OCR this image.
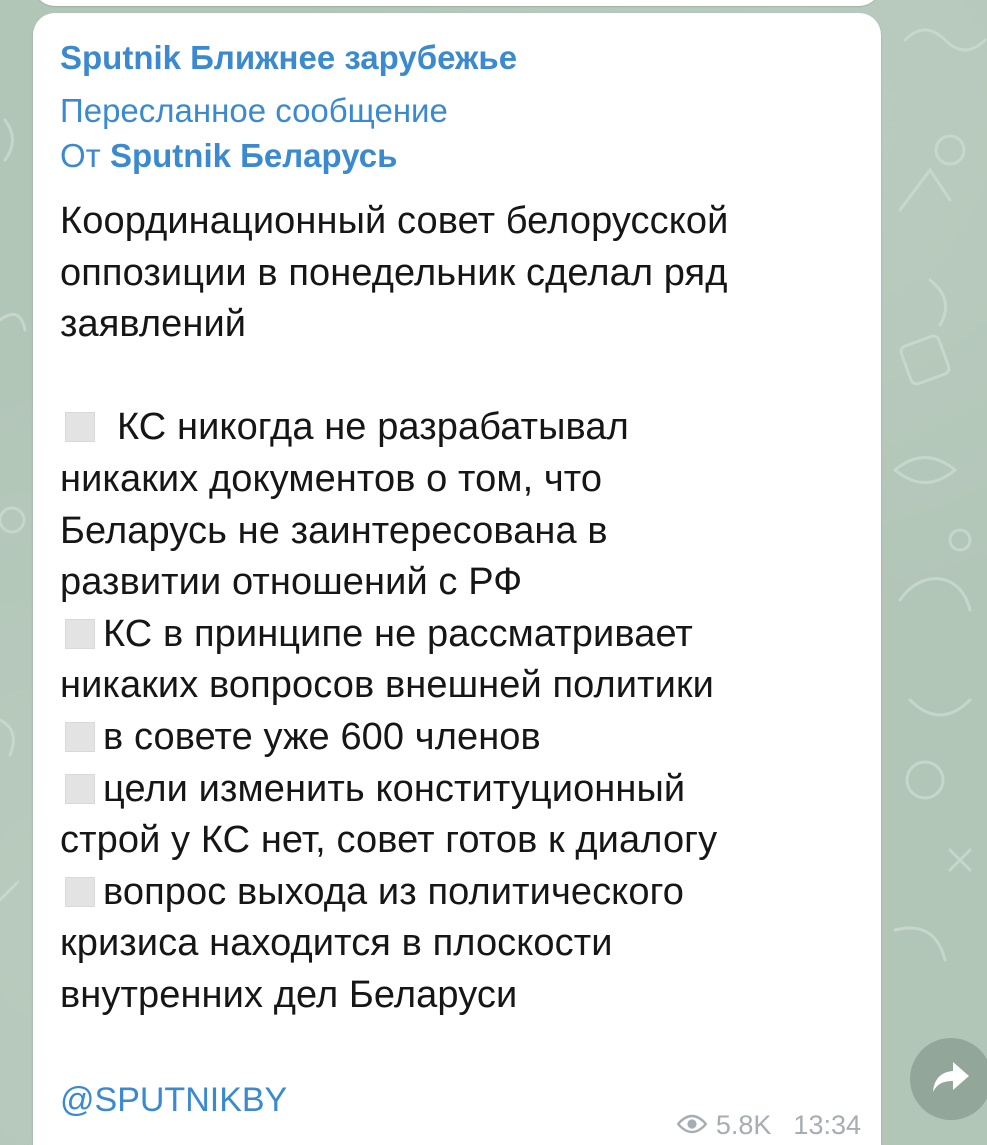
Sputnik Ближнее зарубежье
Пересланное сообщение
От Sputnik Беларусь
Координационный совет белорусской
оппозиции в понедельник сделал ряд
заявлений
КС никогда не разрабатывал
никаких документов о том, что
Беларусь не заинтересована в
развитии отношений с РФ
КС в принципе не рассматривает
никаких вопросов внешней политики
в совете уже 600 членов
цели изменить конституционный
строй у КС нет, совет готов к диалогу
вопрос выхода из политического
кризиса находится в плоскости
внутренних дел Беларуси
@SPUTNIKBY
5.8K 13:34
